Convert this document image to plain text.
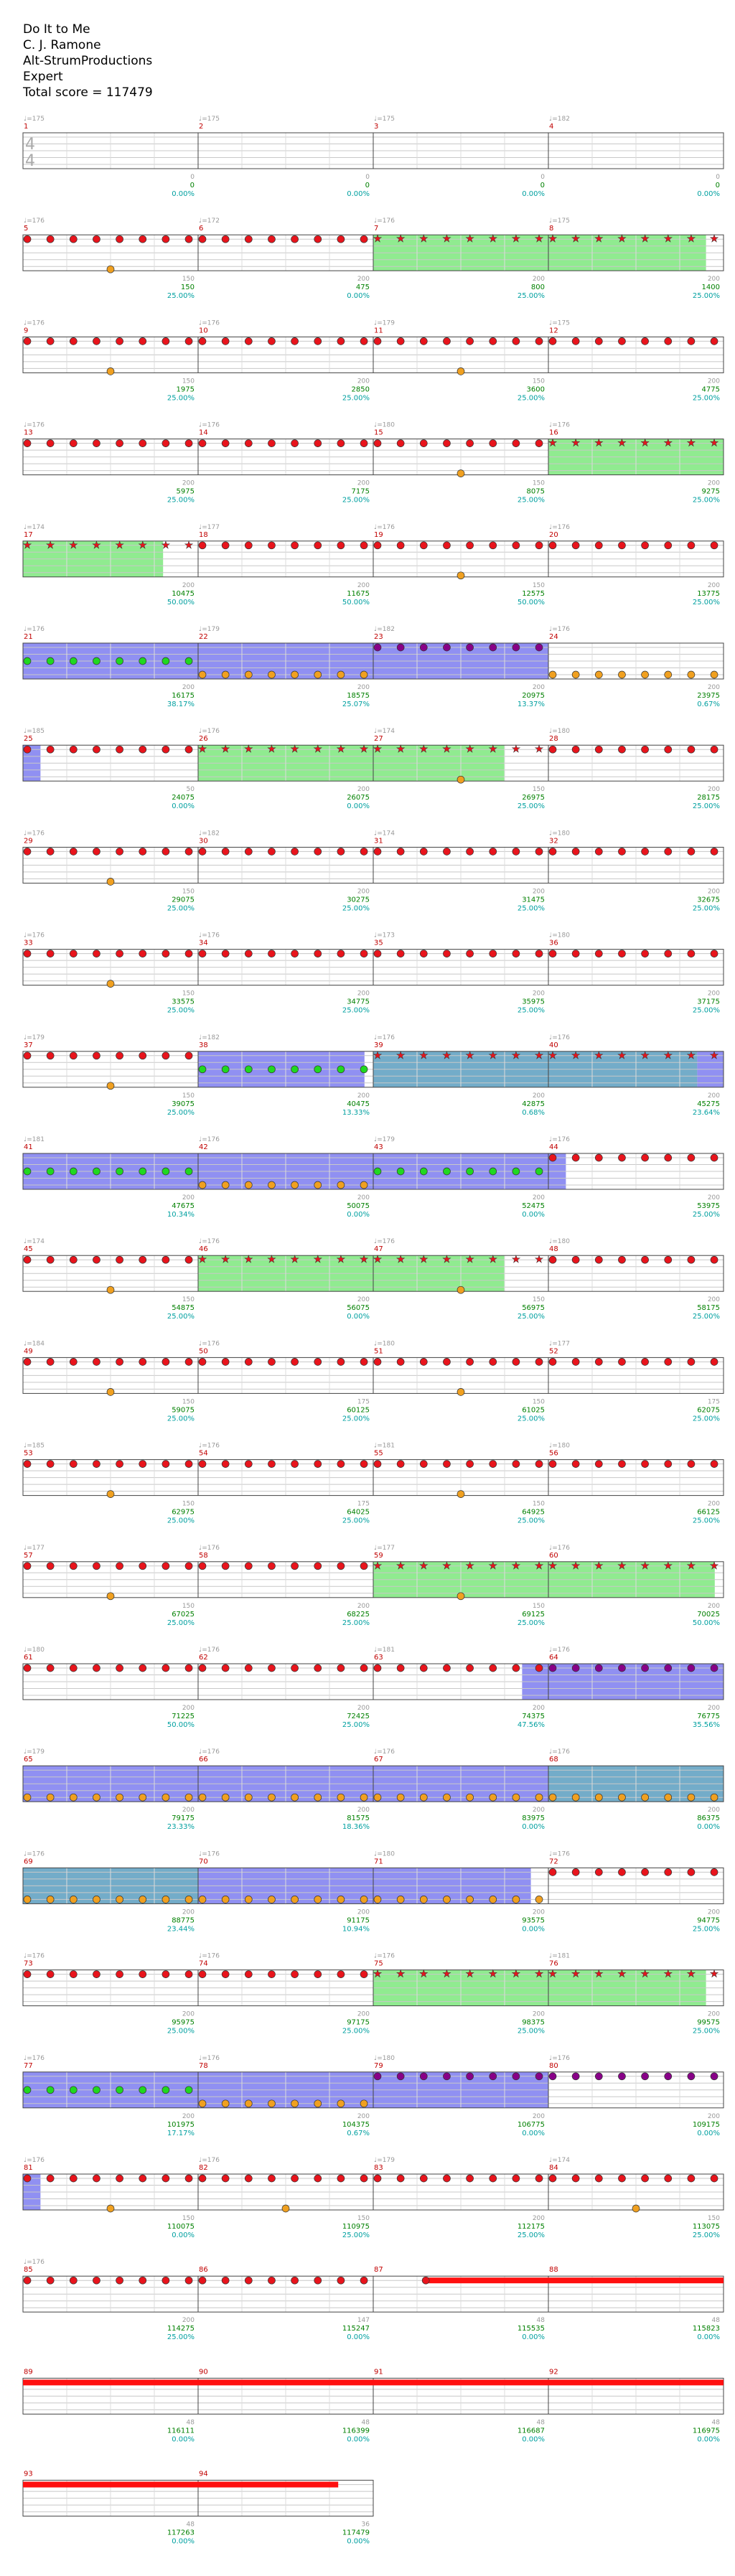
Do It to Me
C. J. Ramone
Alt-StrumProductions
Expert
Total score = 117479
4
4
♩=175
1
0
0
0.00%
♩=175
2
0
0
0.00%
♩=175
3
0
0
0.00%
♩=182
4
0
0
0.00%
♩=176
5
150
150
25.00%
♩=172
6
200
475
0.00%
♩=176
7
200
800
25.00%
♩=175
8
200
1400
25.00%
♩=176
9
150
1975
25.00%
♩=176
10
200
2850
25.00%
♩=179
11
150
3600
25.00%
♩=175
12
200
4775
25.00%
♩=176
13
200
5975
25.00%
♩=176
14
200
7175
25.00%
♩=180
15
150
8075
25.00%
♩=176
16
200
9275
25.00%
♩=174
17
200
10475
50.00%
♩=177
18
200
11675
50.00%
♩=176
19
150
12575
50.00%
♩=176
20
200
13775
25.00%
♩=176
21
200
16175
38.17%
♩=179
22
200
18575
25.07%
♩=182
23
200
20975
13.37%
♩=176
24
200
23975
0.67%
♩=185
25
50
24075
0.00%
♩=176
26
200
26075
0.00%
♩=174
27
150
26975
25.00%
♩=180
28
200
28175
25.00%
♩=176
29
150
29075
25.00%
♩=182
30
200
30275
25.00%
♩=174
31
200
31475
25.00%
♩=180
32
200
32675
25.00%
♩=176
33
150
33575
25.00%
♩=176
34
200
34775
25.00%
♩=173
35
200
35975
25.00%
♩=180
36
200
37175
25.00%
♩=179
37
150
39075
25.00%
♩=182
38
200
40475
13.33%
♩=176
39
200
42875
0.68%
♩=176
40
200
45275
23.64%
♩=181
41
200
47675
10.34%
♩=176
42
200
50075
0.00%
♩=179
43
200
52475
0.00%
♩=176
44
200
53975
25.00%
♩=174
45
150
54875
25.00%
♩=176
46
200
56075
0.00%
♩=176
47
150
56975
25.00%
♩=180
48
200
58175
25.00%
♩=184
49
150
59075
25.00%
♩=176
50
175
60125
25.00%
♩=180
51
150
61025
25.00%
♩=177
52
175
62075
25.00%
♩=185
53
150
62975
25.00%
♩=176
54
175
64025
25.00%
♩=181
55
150
64925
25.00%
♩=180
56
200
66125
25.00%
♩=177
57
150
67025
25.00%
♩=176
58
200
68225
25.00%
♩=177
59
150
69125
25.00%
♩=176
60
200
70025
50.00%
♩=180
61
200
71225
50.00%
♩=176
62
200
72425
25.00%
♩=181
63
200
74375
47.56%
♩=176
64
200
76775
35.56%
♩=179
65
200
79175
23.33%
♩=176
66
200
81575
18.36%
♩=176
67
200
83975
0.00%
♩=176
68
200
86375
0.00%
♩=176
69
200
88775
23.44%
♩=176
70
200
91175
10.94%
♩=180
71
200
93575
0.00%
♩=176
72
200
94775
25.00%
♩=176
73
200
95975
25.00%
♩=176
74
200
97175
25.00%
♩=176
75
200
98375
25.00%
♩=181
76
200
99575
25.00%
♩=176
77
200
101975
17.17%
♩=176
78
200
104375
0.67%
♩=180
79
200
106775
0.00%
♩=176
80
200
109175
0.00%
♩=176
81
150
110075
0.00%
♩=176
82
150
110975
25.00%
♩=179
83
200
112175
25.00%
♩=174
84
150
113075
25.00%
♩=176
85
200
114275
25.00%
86
147
115247
0.00%
87
48
115535
0.00%
88
48
115823
0.00%
89
48
116111
0.00%
90
48
116399
0.00%
91
48
116687
0.00%
92
48
116975
0.00%
93
48
117263
0.00%
94
36
117479
0.00%
★ ★ ★ ★ ★ ★ ★ ★ ★ ★ ★ ★ ★ ★ ★ ★
★ ★ ★ ★ ★ ★ ★ ★
★ ★ ★ ★ ★ ★ ★ ★
★ ★ ★ ★ ★ ★ ★ ★ ★ ★ ★ ★ ★ ★ ★ ★
★ ★ ★ ★ ★ ★ ★ ★ ★ ★ ★ ★ ★ ★ ★ ★
★ ★ ★ ★ ★ ★ ★ ★ ★ ★ ★ ★ ★ ★ ★ ★
★ ★ ★ ★ ★ ★ ★ ★ ★ ★ ★ ★ ★ ★ ★ ★
★ ★ ★ ★ ★ ★ ★ ★ ★ ★ ★ ★ ★ ★ ★ ★
